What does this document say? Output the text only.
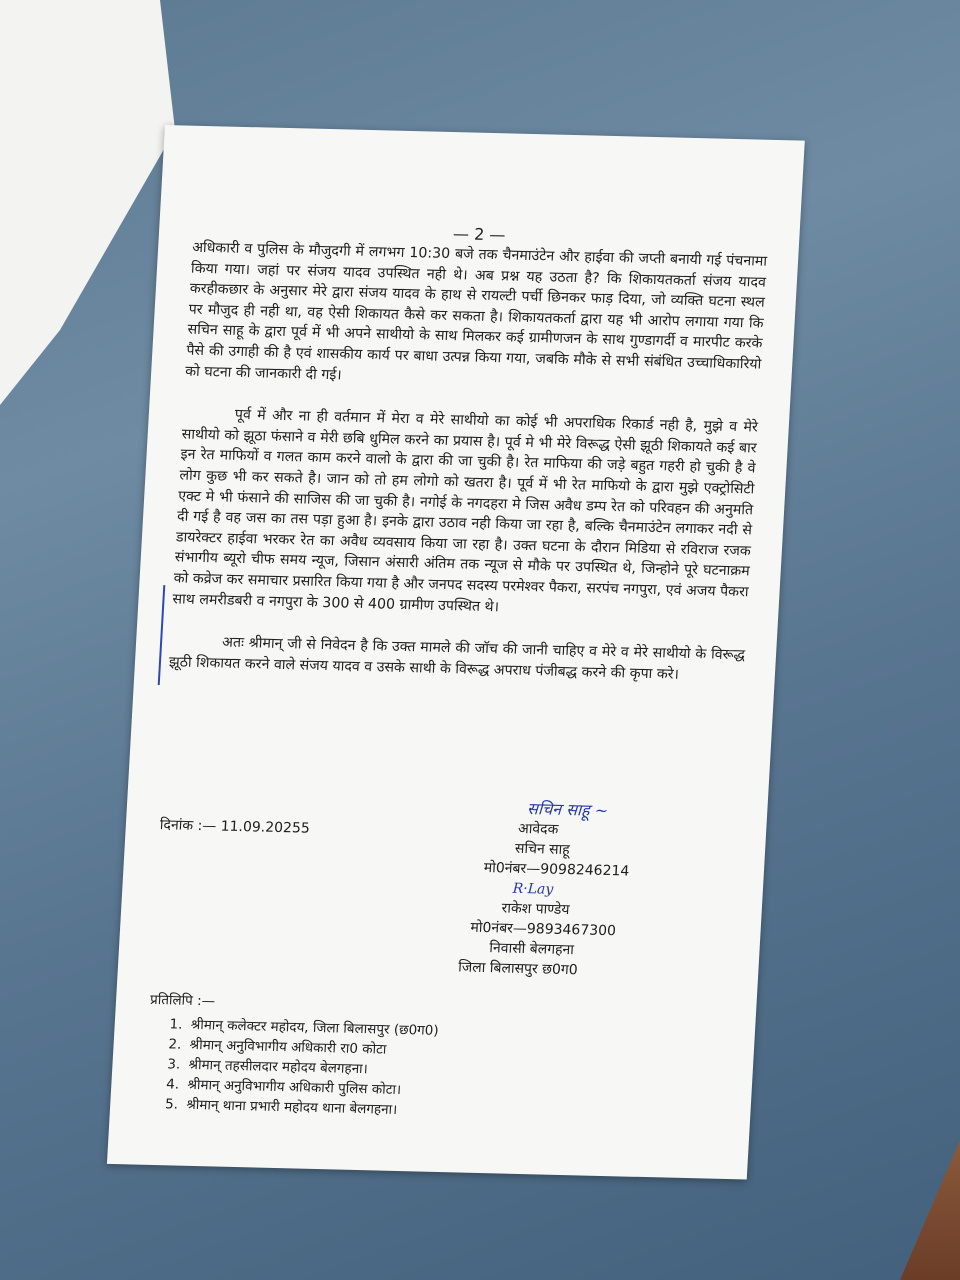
— 2 —

अधिकारी व पुलिस के मौजुदगी में लगभग 10:30 बजे तक चैनमाउंटेन और हाईवा की जप्ती बनायी गई पंचनामा किया गया। जहां पर संजय यादव उपस्थित नही थे। अब प्रश्न यह उठता है? कि शिकायतकर्ता संजय यादव करहीकछार के अनुसार मेरे द्वारा संजय यादव के हाथ से रायल्टी पर्ची छिनकर फाड़ दिया, जो व्यक्ति घटना स्थल पर मौजुद ही नही था, वह ऐसी शिकायत कैसे कर सकता है। शिकायतकर्ता द्वारा यह भी आरोप लगाया गया कि सचिन साहू के द्वारा पूर्व में भी अपने साथीयो के साथ मिलकर कई ग्रामीणजन के साथ गुण्डागर्दी व मारपीट करके पैसे की उगाही की है एवं शासकीय कार्य पर बाधा उत्पन्न किया गया, जबकि मौके से सभी संबंधित उच्चाधिकारियो को घटना की जानकारी दी गई।

पूर्व में और ना ही वर्तमान में मेरा व मेरे साथीयो का कोई भी अपराधिक रिकार्ड नही है, मुझे व मेरे साथीयो को झूठा फंसाने व मेरी छबि धुमिल करने का प्रयास है। पूर्व मे भी मेरे विरूद्ध ऐसी झूठी शिकायते कई बार इन रेत माफियों व गलत काम करने वालो के द्वारा की जा चुकी है। रेत माफिया की जड़े बहुत गहरी हो चुकी है वे लोग कुछ भी कर सकते है। जान को तो हम लोगो को खतरा है। पूर्व में भी रेत माफियो के द्वारा मुझे एक्ट्रोसिटी एक्ट मे भी फंसाने की साजिस की जा चुकी है। नगोई के नगदहरा मे जिस अवैध डम्प रेत को परिवहन की अनुमति दी गई है वह जस का तस पड़ा हुआ है। इनके द्वारा उठाव नही किया जा रहा है, बल्कि चैनमाउंटेन लगाकर नदी से डायरेक्टर हाईवा भरकर रेत का अवैध व्यवसाय किया जा रहा है। उक्त घटना के दौरान मिडिया से रविराज रजक संभागीय ब्यूरो चीफ समय न्यूज, जिसान अंसारी अंतिम तक न्यूज से मौके पर उपस्थित थे, जिन्होने पूरे घटनाक्रम को कव्रेज कर समाचार प्रसारित किया गया है और जनपद सदस्य परमेश्वर पैकरा, सरपंच नगपुरा, एवं अजय पैकरा साथ लमरीडबरी व नगपुरा के 300 से 400 ग्रामीण उपस्थित थे।

अतः श्रीमान् जी से निवेदन है कि उक्त मामले की जॉच की जानी चाहिए व मेरे व मेरे साथीयो के विरूद्ध झूठी शिकायत करने वाले संजय यादव व उसके साथी के विरूद्ध अपराध पंजीबद्ध करने की कृपा करे।

दिनांक :— 11.09.20255
सचिन साहू ∼
आवेदक
सचिन साहू
मो0नंबर—9098246214
R·Lay
राकेश पाण्डेय
मो0नंबर—9893467300
निवासी बेलगहना
जिला बिलासपुर छ0ग0
प्रतिलिपि :—
1. श्रीमान् कलेक्टर महोदय, जिला बिलासपुर (छ0ग0)
2. श्रीमान् अनुविभागीय अधिकारी रा0 कोटा
3. श्रीमान् तहसीलदार महोदय बेलगहना।
4. श्रीमान् अनुविभागीय अधिकारी पुलिस कोटा।
5. श्रीमान् थाना प्रभारी महोदय थाना बेलगहना।
